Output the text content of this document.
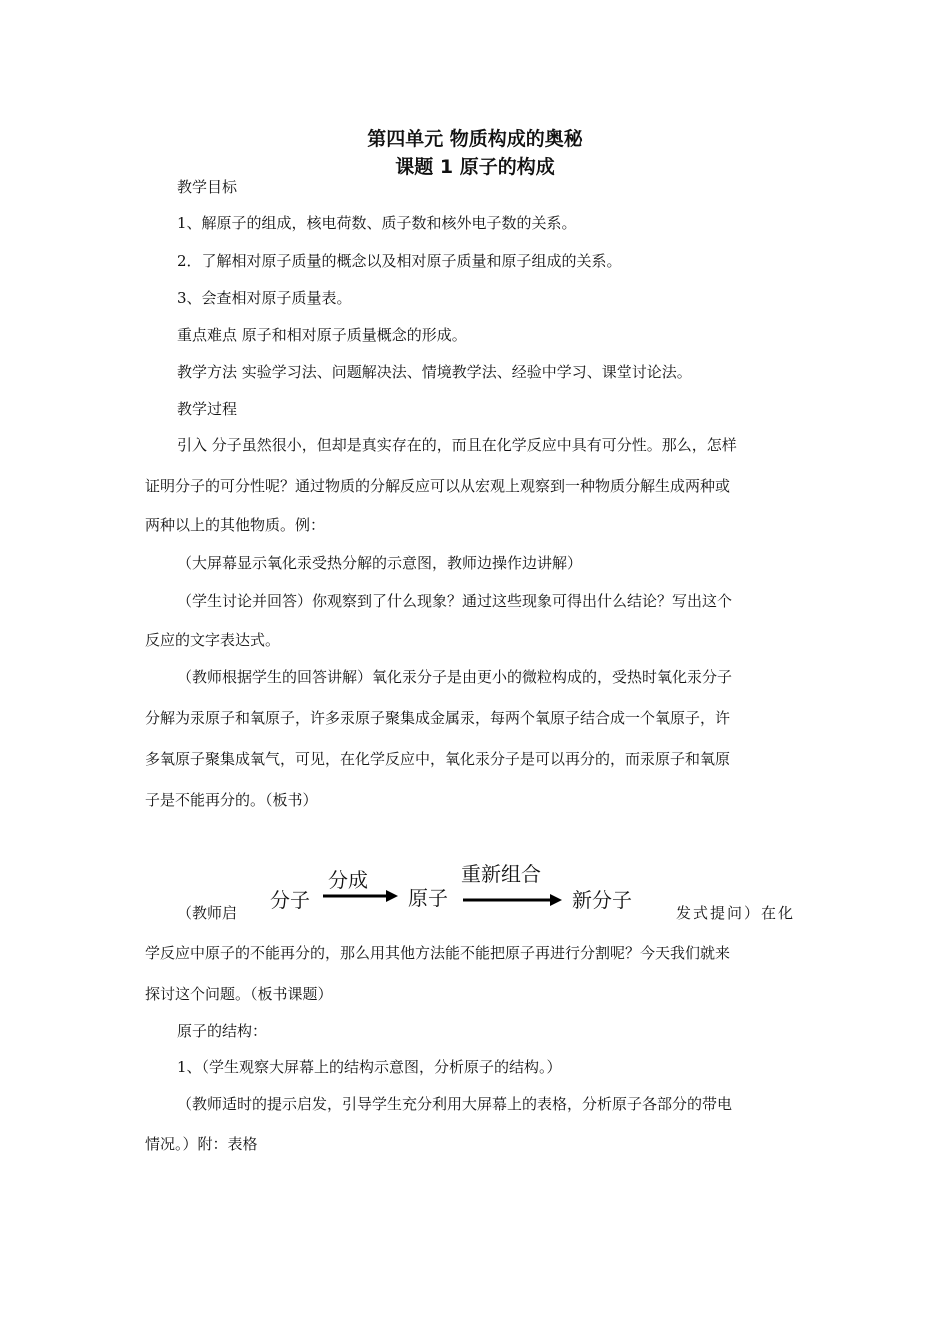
第四单元 物质构成的奥秘
课题 1 原子的构成
教学目标
1、解原子的组成，核电荷数、质子数和核外电子数的关系。
2．了解相对原子质量的概念以及相对原子质量和原子组成的关系。
3、会查相对原子质量表。
重点难点 原子和相对原子质量概念的形成。
教学方法 实验学习法、问题解决法、情境教学法、经验中学习、课堂讨论法。
教学过程
引入 分子虽然很小，但却是真实存在的，而且在化学反应中具有可分性。那么，怎样
证明分子的可分性呢？通过物质的分解反应可以从宏观上观察到一种物质分解生成两种或
两种以上的其他物质。例：
（大屏幕显示氧化汞受热分解的示意图，教师边操作边讲解）
（学生讨论并回答）你观察到了什么现象？通过这些现象可得出什么结论？写出这个
反应的文字表达式。
（教师根据学生的回答讲解）氧化汞分子是由更小的微粒构成的，受热时氧化汞分子
分解为汞原子和氧原子，许多汞原子聚集成金属汞，每两个氧原子结合成一个氧原子，许
多氧原子聚集成氧气，可见，在化学反应中，氧化汞分子是可以再分的，而汞原子和氧原
子是不能再分的。（板书）
分子
分成
原子
重新组合
新分子
（教师启	发式提问）在化
学反应中原子的不能再分的，那么用其他方法能不能把原子再进行分割呢？今天我们就来
探讨这个问题。（板书课题）
原子的结构：
1、（学生观察大屏幕上的结构示意图，分析原子的结构。）
（教师适时的提示启发，引导学生充分利用大屏幕上的表格，分析原子各部分的带电
情况。）附：表格
